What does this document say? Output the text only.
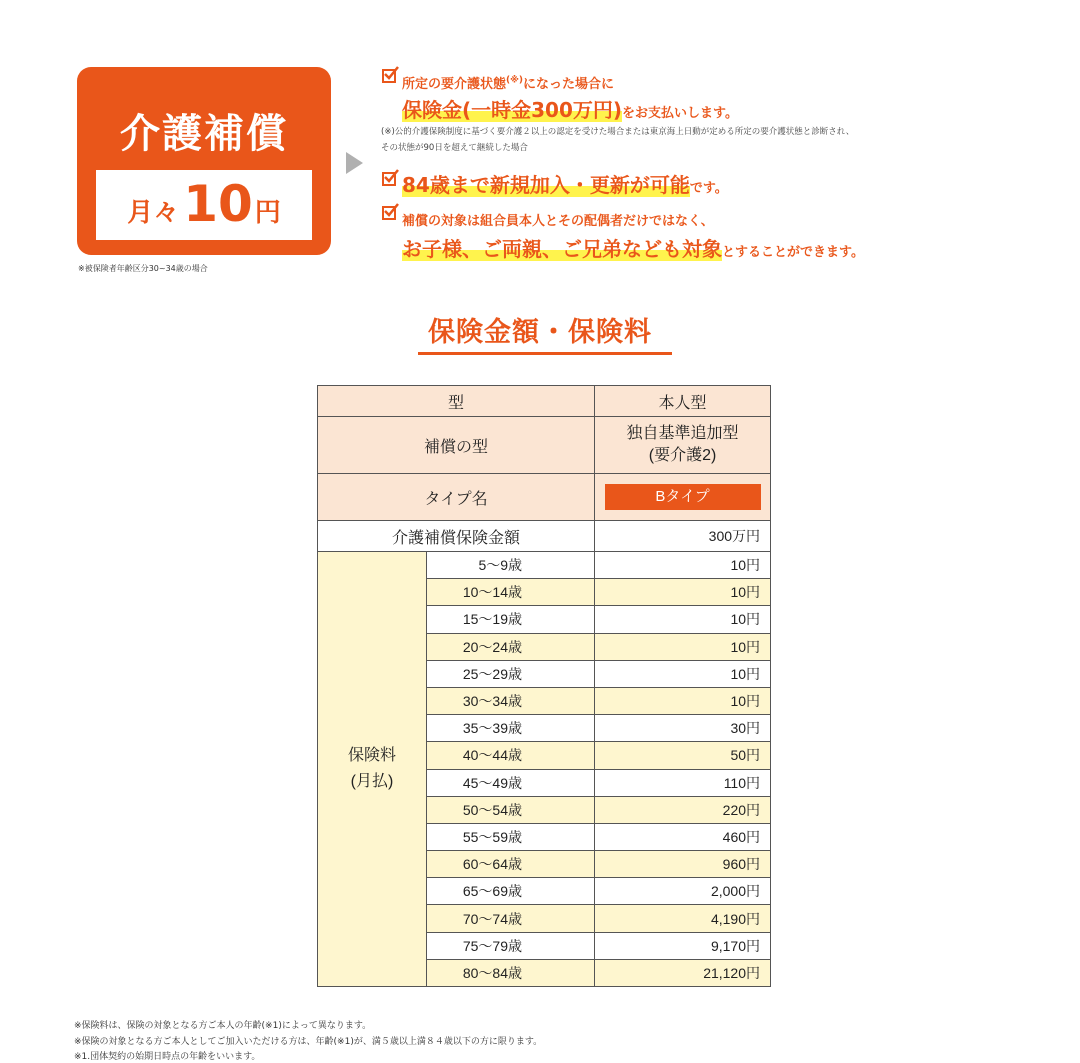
介護補償
月々 10 円
※被保険者年齢区分30~34歳の場合
所定の要介護状態(※)になった場合に
保険金(一時金300万円)をお支払いします。
(※)公的介護保険制度に基づく要介護２以上の認定を受けた場合または東京海上日動が定める所定の要介護状態と診断され、
その状態が90日を超えて継続した場合
84歳まで新規加入・更新が可能です。
補償の対象は組合員本人とその配偶者だけではなく、
お子様、ご両親、ご兄弟なども対象とすることができます。
保険金額・保険料
型		本人型
補償の型		独自基準追加型
(要介護2)

タイプ名		Bタイプ
介護補償保険金額		300万円

保険料
(月払)	5〜9歳	10円
	10〜14歳	10円
	15〜19歳	10円
	20〜24歳	10円
	25〜29歳	10円
	30〜34歳	10円
	35〜39歳	30円
	40〜44歳	50円
	45〜49歳	110円
	50〜54歳	220円
	55〜59歳	460円
	60〜64歳	960円
	65〜69歳	2,000円
	70〜74歳	4,190円
	75〜79歳	9,170円
	80〜84歳	21,120円
※保険料は、保険の対象となる方ご本人の年齢(※1)によって異なります。
※保険の対象となる方ご本人としてご加入いただける方は、年齢(※1)が、満５歳以上満８４歳以下の方に限ります。
※1.団体契約の始期日時点の年齢をいいます。
